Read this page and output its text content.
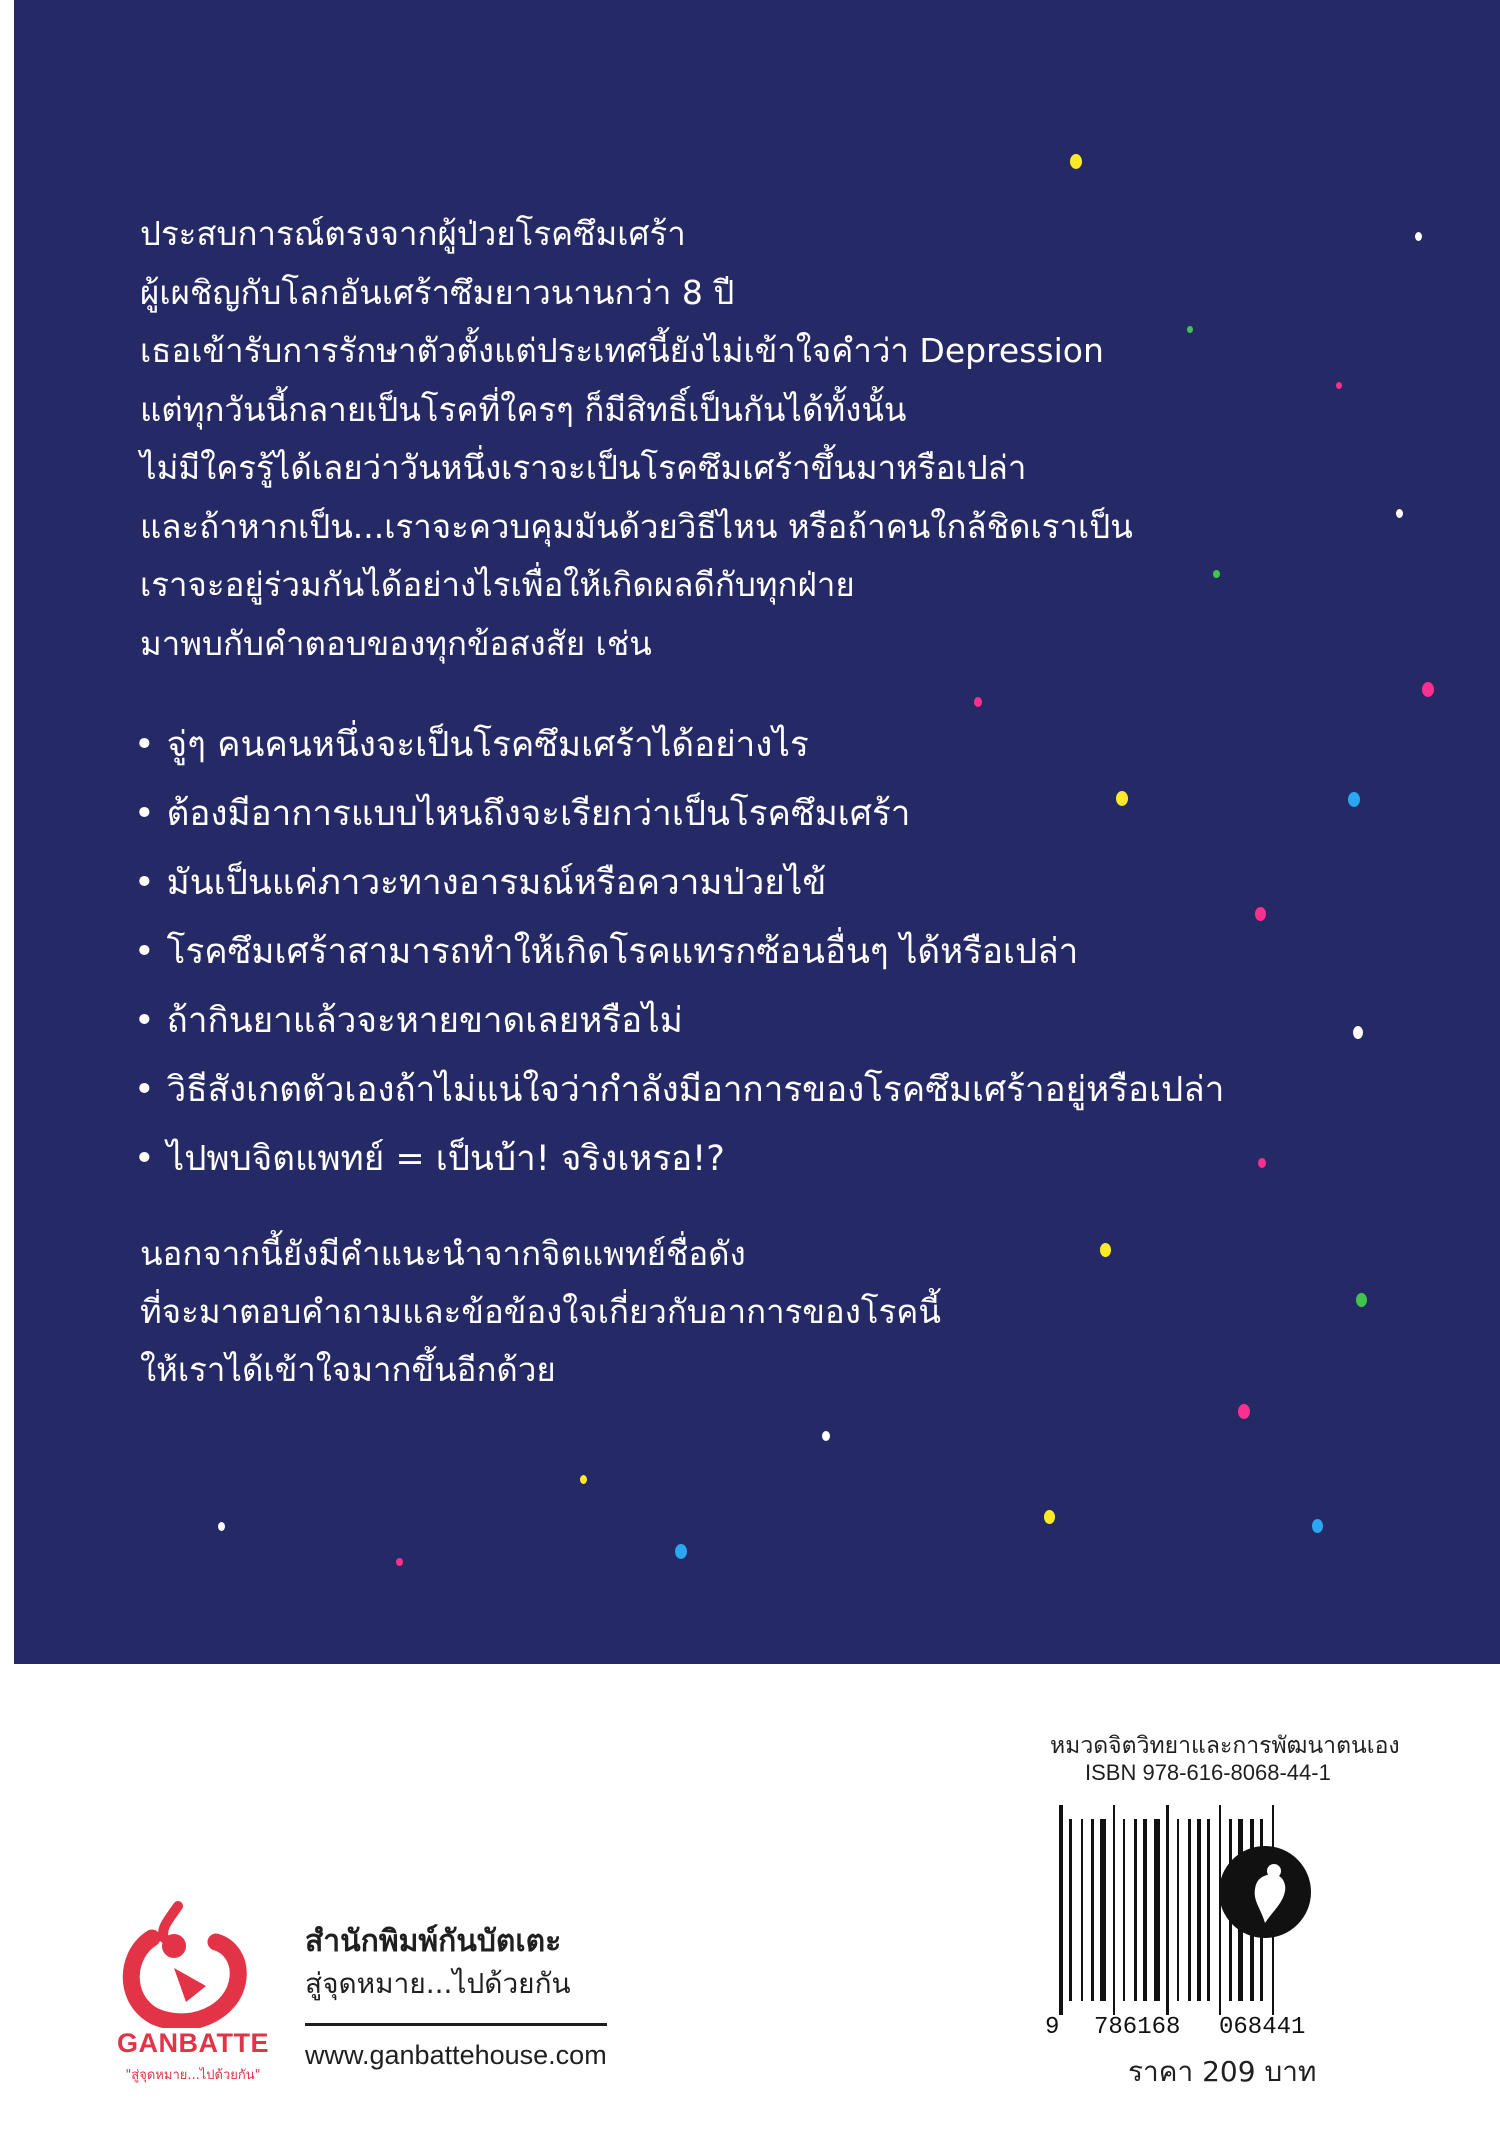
ประสบการณ์ตรงจากผู้ป่วยโรคซึมเศร้า
ผู้เผชิญกับโลกอันเศร้าซึมยาวนานกว่า 8 ปี
เธอเข้ารับการรักษาตัวตั้งแต่ประเทศนี้ยังไม่เข้าใจคำว่า Depression
แต่ทุกวันนี้กลายเป็นโรคที่ใครๆ ก็มีสิทธิ์เป็นกันได้ทั้งนั้น
ไม่มีใครรู้ได้เลยว่าวันหนึ่งเราจะเป็นโรคซึมเศร้าขึ้นมาหรือเปล่า
และถ้าหากเป็น...เราจะควบคุมมันด้วยวิธีไหน หรือถ้าคนใกล้ชิดเราเป็น
เราจะอยู่ร่วมกันได้อย่างไรเพื่อให้เกิดผลดีกับทุกฝ่าย
มาพบกับคำตอบของทุกข้อสงสัย เช่น
• จู่ๆ คนคนหนึ่งจะเป็นโรคซึมเศร้าได้อย่างไร
• ต้องมีอาการแบบไหนถึงจะเรียกว่าเป็นโรคซึมเศร้า
• มันเป็นแค่ภาวะทางอารมณ์หรือความป่วยไข้
• โรคซึมเศร้าสามารถทำให้เกิดโรคแทรกซ้อนอื่นๆ ได้หรือเปล่า
• ถ้ากินยาแล้วจะหายขาดเลยหรือไม่
• วิธีสังเกตตัวเองถ้าไม่แน่ใจว่ากำลังมีอาการของโรคซึมเศร้าอยู่หรือเปล่า
• ไปพบจิตแพทย์ = เป็นบ้า! จริงเหรอ!?
นอกจากนี้ยังมีคำแนะนำจากจิตแพทย์ชื่อดัง
ที่จะมาตอบคำถามและข้อข้องใจเกี่ยวกับอาการของโรคนี้
ให้เราได้เข้าใจมากขึ้นอีกด้วย
GANBATTE
"สู่จุดหมาย...ไปด้วยกัน"
สำนักพิมพ์กันบัตเตะ
สู่จุดหมาย...ไปด้วยกัน
www.ganbattehouse.com
หมวดจิตวิทยาและการพัฒนาตนเอง
ISBN 978-616-8068-44-1
9 786168 068441
ราคา 209 บาท
